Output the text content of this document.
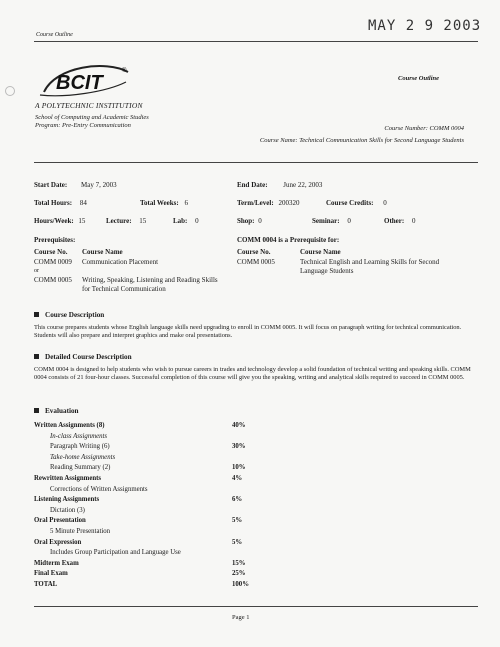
MAY 2 9 2003
Course Outline
BCIT
®
A POLYTECHNIC INSTITUTION
School of Computing and Academic Studies
Program: Pre-Entry Communication
Course Outline
Course Number: COMM 0004
Course Name: Technical Communication Skills for Second Language Students
Start Date: May 7, 2003	End Date: June 22, 2003
Total Hours: 84	Total Weeks: 6	Term/Level: 200320	Course Credits: 0
Hours/Week: 15	Lecture: 15	Lab: 0	Shop: 0	Seminar: 0	Other: 0
Prerequisites:
Course No. Course Name
COMM 0009 Communication Placement
or
COMM 0005 Writing, Speaking, Listening and Reading Skills for Technical Communication
COMM 0004 is a Prerequisite for:
Course No.	Course Name
COMM 0005	Technical English and Learning Skills for Second Language Students
Course Description
This course prepares students whose English language skills need upgrading to enroll in COMM 0005. It will focus on paragraph writing for technical communication. Students will also prepare and interpret graphics and make oral presentations.
Detailed Course Description
COMM 0004 is designed to help students who wish to pursue careers in trades and technology develop a solid foundation of technical writing and speaking skills. COMM 0004 consists of 21 four-hour classes. Successful completion of this course will give you the speaking, writing and analytical skills required to succeed in COMM 0005.
Evaluation
Written Assignments (8)	40%
In-class Assignments
Paragraph Writing (6)	30%
Take-home Assignments
Reading Summary (2)	10%
Rewritten Assignments	4%
Corrections of Written Assignments
Listening Assignments	6%
Dictation (3)
Oral Presentation	5%
5 Minute Presentation
Oral Expression	5%
Includes Group Participation and Language Use
Midterm Exam	15%
Final Exam	25%
TOTAL	100%
Page 1
